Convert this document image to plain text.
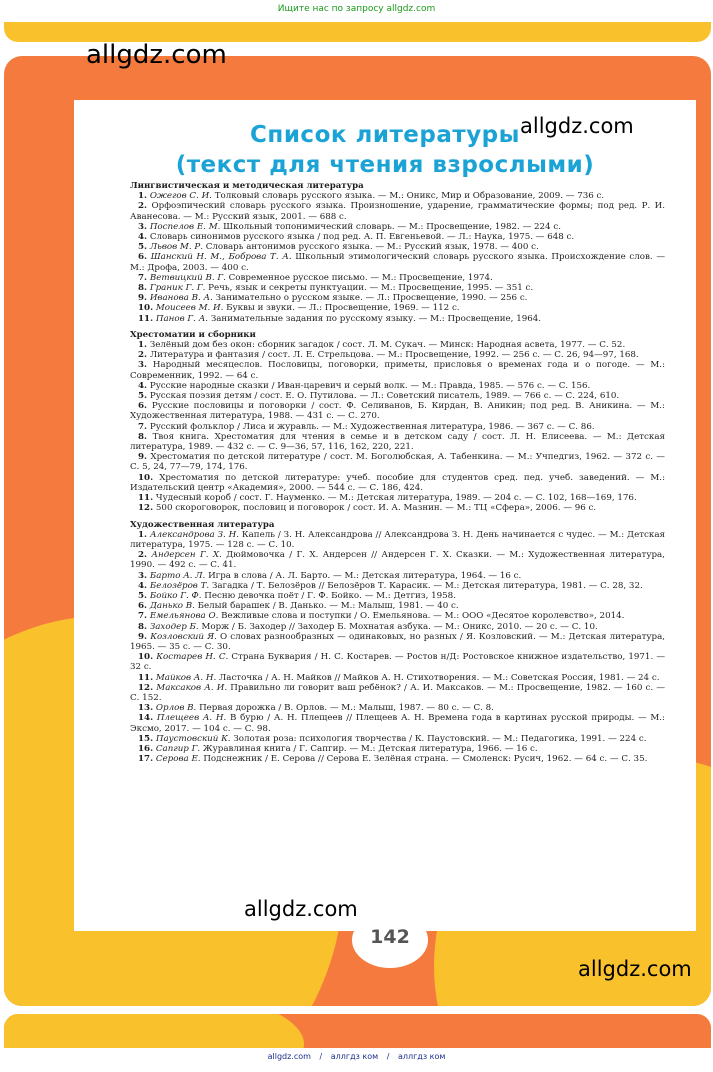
Ищите нас по запросу allgdz.com
Список литературы
(текст для чтения взрослыми)
Лингвистическая и методическая литература

1. Ожегов С. И. Толковый словарь русского языка. — М.: Оникс, Мир и Образование, 2009. — 736 с.

2. Орфоэпический словарь русского языка. Произношение, ударение, грамматические формы; под ред. Р. И. Аванесова. — М.: Русский язык, 2001. — 688 с.

3. Поспелов Е. М. Школьный топонимический словарь. — М.: Просвещение, 1982. — 224 с.

4. Словарь синонимов русского языка / под ред. А. П. Евгеньевой. — Л.: Наука, 1975. — 648 с.

5. Львов М. Р. Словарь антонимов русского языка. — М.: Русский язык, 1978. — 400 с.

6. Шанский Н. М., Боброва Т. А. Школьный этимологический словарь русского языка. Происхождение слов. — М.: Дрофа, 2003. — 400 с.

7. Ветвицкий В. Г. Современное русское письмо. — М.: Просвещение, 1974.

8. Граник Г. Г. Речь, язык и секреты пунктуации. — М.: Просвещение, 1995. — 351 с.

9. Иванова В. А. Занимательно о русском языке. — Л.: Просвещение, 1990. — 256 с.

10. Моисеев М. И. Буквы и звуки. — Л.: Просвещение, 1969. — 112 с.

11. Панов Г. А. Занимательные задания по русскому языку. — М.: Просвещение, 1964.

Хрестоматии и сборники

1. Зелёный дом без окон: сборник загадок / сост. Л. М. Сукач. — Минск: Народная асвета, 1977. — С. 52.

2. Литература и фантазия / сост. Л. Е. Стрельцова. — М.: Просвещение, 1992. — 256 с. — С. 26, 94—97, 168.

3. Народный месяцеслов. Пословицы, поговорки, приметы, присловья о временах года и о погоде. — М.: Современник, 1992. — 64 с.

4. Русские народные сказки / Иван-царевич и серый волк. — М.: Правда, 1985. — 576 с. — С. 156.

5. Русская поэзия детям / сост. Е. О. Путилова. — Л.: Советский писатель, 1989. — 766 с. — С. 224, 610.

6. Русские пословицы и поговорки / сост. Ф. Селиванов, Б. Кирдан, В. Аникин; под ред. В. Аникина. — М.: Художественная литература, 1988. — 431 с. — С. 270.

7. Русский фольклор / Лиса и журавль. — М.: Художественная литература, 1986. — 367 с. — С. 86.

8. Твоя книга. Хрестоматия для чтения в семье и в детском саду / сост. Л. Н. Елисеева. — М.: Детская литература, 1989. — 432 с. — С. 9—36, 57, 116, 162, 220, 221.

9. Хрестоматия по детской литературе / сост. М. Боголюбская, А. Табенкина. — М.: Учпедгиз, 1962. — 372 с. — С. 5, 24, 77—79, 174, 176.

10. Хрестоматия по детской литературе: учеб. пособие для студентов сред. пед. учеб. заведений. — М.: Издательский центр «Академия», 2000. — 544 с. — С. 186, 424.

11. Чудесный короб / сост. Г. Науменко. — М.: Детская литература, 1989. — 204 с. — С. 102, 168—169, 176.

12. 500 скороговорок, пословиц и поговорок / сост. И. А. Мазнин. — М.: ТЦ «Сфера», 2006. — 96 с.

Художественная литература

1. Александрова З. Н. Капель / З. Н. Александрова // Александрова З. Н. День начинается с чудес. — М.: Детская литература, 1975. — 128 с. — С. 10.

2. Андерсен Г. Х. Дюймовочка / Г. Х. Андерсен // Андерсен Г. Х. Сказки. — М.: Художественная литература, 1990. — 492 с. — С. 41.

3. Барто А. Л. Игра в слова / А. Л. Барто. — М.: Детская литература, 1964. — 16 с.

4. Белозёров Т. Загадка / Т. Белозёров // Белозёров Т. Карасик. — М.: Детская литература, 1981. — С. 28, 32.

5. Бойко Г. Ф. Песню девочка поёт / Г. Ф. Бойко. — М.: Детгиз, 1958.

6. Данько В. Белый барашек / В. Данько. — М.: Малыш, 1981. — 40 с.

7. Емельянова О. Вежливые слова и поступки / О. Емельянова. — М.: ООО «Десятое королевство», 2014.

8. Заходер Б. Морж / Б. Заходер // Заходер Б. Мохнатая азбука. — М.: Оникс, 2010. — 20 с. — С. 10.

9. Козловский Я. О словах разнообразных — одинаковых, но разных / Я. Козловский. — М.: Детская литература, 1965. — 35 с. — С. 30.

10. Костарев Н. С. Страна Буквария / Н. С. Костарев. — Ростов н/Д: Ростовское книжное издательство, 1971. — 32 с.

11. Майков А. Н. Ласточка / А. Н. Майков // Майков А. Н. Стихотворения. — М.: Советская Россия, 1981. — 24 с.

12. Максаков А. И. Правильно ли говорит ваш ребёнок? / А. И. Максаков. — М.: Просвещение, 1982. — 160 с. — С. 152.

13. Орлов В. Первая дорожка / В. Орлов. — М.: Малыш, 1987. — 80 с. — С. 8.

14. Плещеев А. Н. В бурю / А. Н. Плещеев // Плещеев А. Н. Времена года в картинах русской природы. — М.: Эксмо, 2017. — 104 с. — С. 98.

15. Паустовский К. Золотая роза: психология творчества / К. Паустовский. — М.: Педагогика, 1991. — 224 с.

16. Сапгир Г. Журавлиная книга / Г. Сапгир. — М.: Детская литература, 1966. — 16 с.

17. Серова Е. Подснежник / Е. Серова // Серова Е. Зелёная страна. — Смоленск: Русич, 1962. — 64 с. — С. 35.

142
allgdz.com
allgdz.com
allgdz.com
allgdz.com
allgdz.com / аллгдз ком / аллгдз ком
